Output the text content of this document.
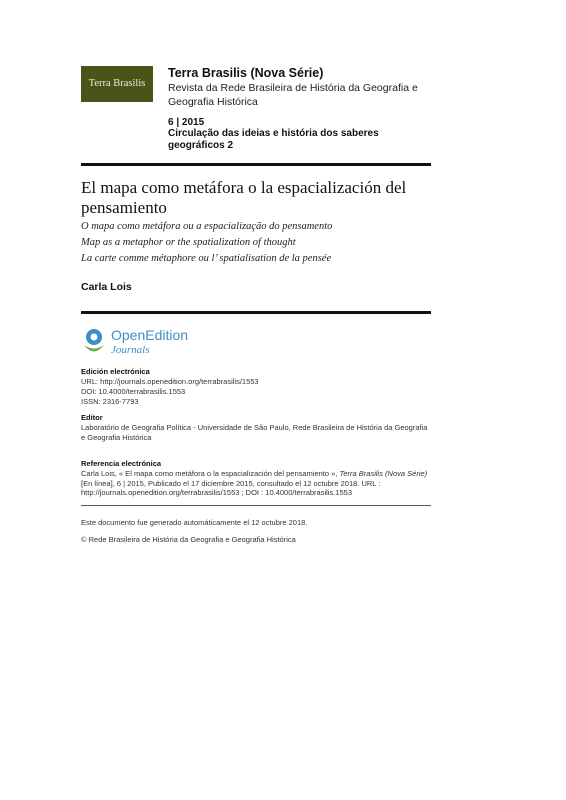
Terra Brasilis
Terra Brasilis (Nova Série)
Revista da Rede Brasileira de História da Geografia e Geografia Histórica
6 | 2015
Circulação das ideias e história dos saberes geográficos 2
El mapa como metáfora o la espacialización del pensamiento
O mapa como metáfora ou a espacialização do pensamento
Map as a metaphor or the spatialization of thought
La carte comme métaphore ou l’ spatialisation de la pensée
Carla Lois
OpenEdition
Journals
Edición electrónica
URL: http://journals.openedition.org/terrabrasilis/1553
DOI: 10.4000/terrabrasilis.1553
ISSN: 2316-7793
Editor
Laboratório de Geografia Política - Universidade de São Paulo, Rede Brasileira de História da Geografia e Geografia Histórica
Referencia electrónica
Carla Lois, « El mapa como metáfora o la espacialización del pensamiento », Terra Brasilis (Nova Série) [En línea], 6 | 2015, Publicado el 17 diciembre 2015, consultado el 12 octubre 2018. URL : http://journals.openedition.org/terrabrasilis/1553 ; DOI : 10.4000/terrabrasilis.1553
Este documento fue generado automáticamente el 12 octubre 2018.
© Rede Brasileira de História da Geografia e Geografia Histórica
